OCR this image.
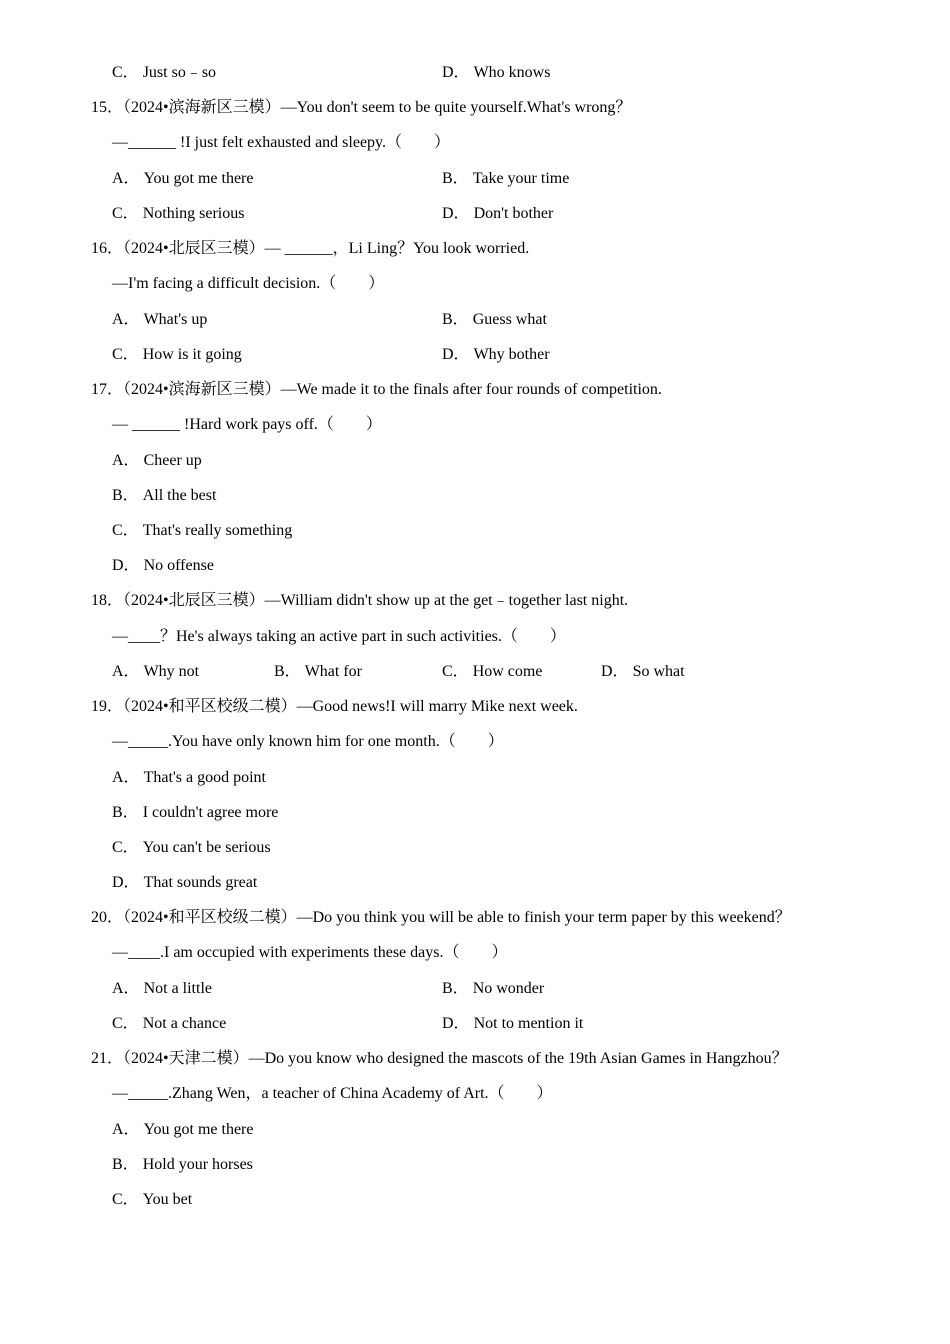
C． Just so﹣so	D． Who knows
15．（2024•滨海新区三模）—You don't seem to be quite yourself.What's wrong？
—______ !I just felt exhausted and sleepy.（　　）
A． You got me there	B． Take your time
C． Nothing serious	D． Don't bother
16．（2024•北辰区三模）— ______，Li Ling？You look worried.
—I'm facing a difficult decision.（　　）
A． What's up	B． Guess what
C． How is it going	D． Why bother
17．（2024•滨海新区三模）—We made it to the finals after four rounds of competition.
— ______ !Hard work pays off.（　　）
A． Cheer up
B． All the best
C． That's really something
D． No offense
18．（2024•北辰区三模）—William didn't show up at the get﹣together last night.
—____？He's always taking an active part in such activities.（　　）
A． Why not	B． What for	C． How come	D． So what
19．（2024•和平区校级二模）—Good news!I will marry Mike next week.
—_____.You have only known him for one month.（　　）
A． That's a good point
B． I couldn't agree more
C． You can't be serious
D． That sounds great
20．（2024•和平区校级二模）—Do you think you will be able to finish your term paper by this weekend？
—____.I am occupied with experiments these days.（　　）
A． Not a little	B． No wonder
C． Not a chance	D． Not to mention it
21．（2024•天津二模）—Do you know who designed the mascots of the 19th Asian Games in Hangzhou？
—_____.Zhang Wen，a teacher of China Academy of Art.（　　）
A． You got me there
B． Hold your horses
C． You bet
